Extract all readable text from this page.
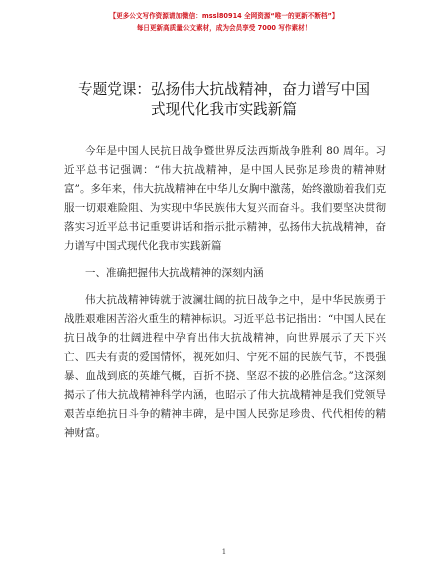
【更多公文写作资源请加微信：mssl80914 全网资源“唯一的更新不断档”】
每日更新高质量公文素材，成为会员享受 7000 写作素材！
专题党课：弘扬伟大抗战精神，奋力谱写中国
式现代化我市实践新篇

今年是中国人民抗日战争暨世界反法西斯战争胜利 80 周年。习近平总书记强调：“伟大抗战精神，是中国人民弥足珍贵的精神财富”。多年来，伟大抗战精神在中华儿女胸中激荡，始终激励着我们克服一切艰难险阻、为实现中华民族伟大复兴而奋斗。我们要坚决贯彻落实习近平总书记重要讲话和指示批示精神，弘扬伟大抗战精神，奋力谱写中国式现代化我市实践新篇

一、准确把握伟大抗战精神的深刻内涵

伟大抗战精神铸就于波澜壮阔的抗日战争之中，是中华民族勇于战胜艰难困苦浴火重生的精神标识。习近平总书记指出：“中国人民在抗日战争的壮阔进程中孕育出伟大抗战精神，向世界展示了天下兴亡、匹夫有责的爱国情怀，视死如归、宁死不屈的民族气节，不畏强暴、血战到底的英雄气概，百折不挠、坚忍不拔的必胜信念。”这深刻揭示了伟大抗战精神科学内涵，也昭示了伟大抗战精神是我们党领导艰苦卓绝抗日斗争的精神丰碑，是中国人民弥足珍贵、代代相传的精神财富。

1
